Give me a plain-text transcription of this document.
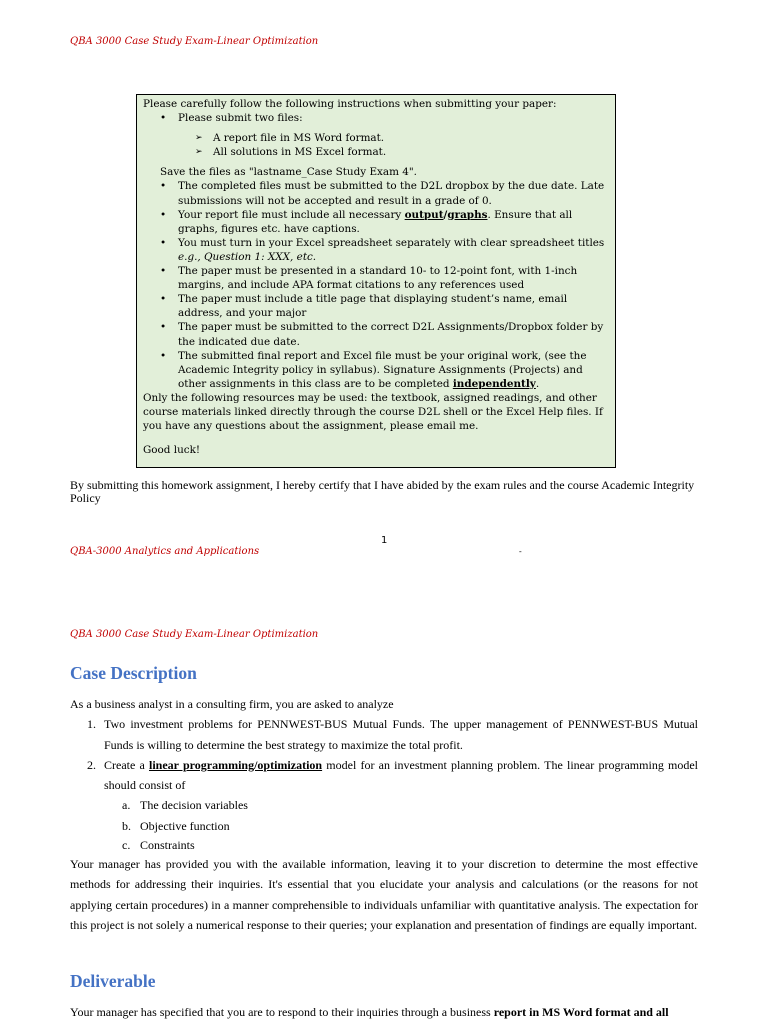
QBA 3000 Case Study Exam-Linear Optimization
Please carefully follow the following instructions when submitting your paper:
• Please submit two files:
➢ A report file in MS Word format.
➢ All solutions in MS Excel format.
Save the files as "lastname_Case Study Exam 4".
• The completed files must be submitted to the D2L dropbox by the due date. Late submissions will not be accepted and result in a grade of 0.
• Your report file must include all necessary output/graphs. Ensure that all graphs, figures etc. have captions.
• You must turn in your Excel spreadsheet separately with clear spreadsheet titles e.g., Question 1: XXX, etc.
• The paper must be presented in a standard 10- to 12-point font, with 1-inch margins, and include APA format citations to any references used
• The paper must include a title page that displaying student’s name, email address, and your major
• The paper must be submitted to the correct D2L Assignments/Dropbox folder by the indicated due date.
• The submitted final report and Excel file must be your original work, (see the Academic Integrity policy in syllabus). Signature Assignments (Projects) and other assignments in this class are to be completed independently.
Only the following resources may be used: the textbook, assigned readings, and other course materials linked directly through the course D2L shell or the Excel Help files. If you have any questions about the assignment, please email me.
Good luck!
By submitting this homework assignment, I hereby certify that I have abided by the exam rules and the course Academic Integrity Policy
1
QBA-3000 Analytics and Applications	-
QBA 3000 Case Study Exam-Linear Optimization
Case Description
As a business analyst in a consulting firm, you are asked to analyze
1. Two investment problems for PENNWEST-BUS Mutual Funds. The upper management of PENNWEST-BUS Mutual Funds is willing to determine the best strategy to maximize the total profit.
2. Create a linear programming/optimization model for an investment planning problem. The linear programming model should consist of
a. The decision variables
b. Objective function
c. Constraints
Your manager has provided you with the available information, leaving it to your discretion to determine the most effective methods for addressing their inquiries. It's essential that you elucidate your analysis and calculations (or the reasons for not applying certain procedures) in a manner comprehensible to individuals unfamiliar with quantitative analysis. The expectation for this project is not solely a numerical response to their queries; your explanation and presentation of findings are equally important.
Deliverable
Your manager has specified that you are to respond to their inquiries through a business report in MS Word format and all
